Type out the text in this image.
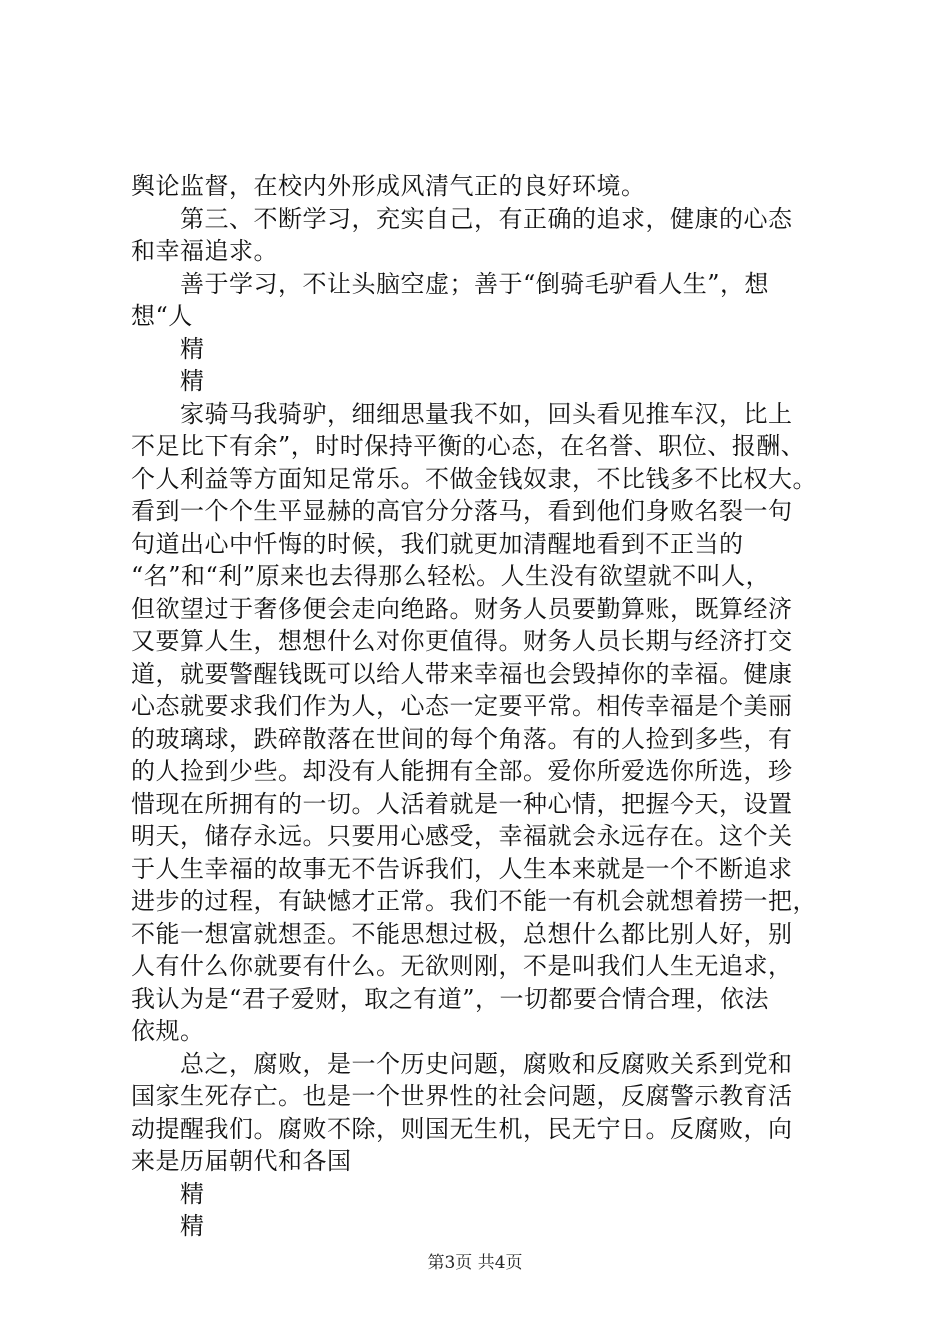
舆论监督，在校内外形成风清气正的良好环境。
　　第三、不断学习，充实自己，有正确的追求，健康的心态
和幸福追求。
　　善于学习，不让头脑空虚；善于“倒骑毛驴看人生”，想
想“人
　　精
　　精
　　家骑马我骑驴，细细思量我不如，回头看见推车汉，比上
不足比下有余”，时时保持平衡的心态，在名誉、职位、报酬、
个人利益等方面知足常乐。不做金钱奴隶，不比钱多不比权大。
看到一个个生平显赫的高官分分落马，看到他们身败名裂一句
句道出心中忏悔的时候，我们就更加清醒地看到不正当的
“名”和“利”原来也去得那么轻松。人生没有欲望就不叫人，
但欲望过于奢侈便会走向绝路。财务人员要勤算账，既算经济
又要算人生，想想什么对你更值得。财务人员长期与经济打交
道，就要警醒钱既可以给人带来幸福也会毁掉你的幸福。健康
心态就要求我们作为人，心态一定要平常。相传幸福是个美丽
的玻璃球，跌碎散落在世间的每个角落。有的人捡到多些，有
的人捡到少些。却没有人能拥有全部。爱你所爱选你所选，珍
惜现在所拥有的一切。人活着就是一种心情，把握今天，设置
明天，储存永远。只要用心感受，幸福就会永远存在。这个关
于人生幸福的故事无不告诉我们，人生本来就是一个不断追求
进步的过程，有缺憾才正常。我们不能一有机会就想着捞一把，
不能一想富就想歪。不能思想过极，总想什么都比别人好，别
人有什么你就要有什么。无欲则刚，不是叫我们人生无追求，
我认为是“君子爱财，取之有道”，一切都要合情合理，依法
依规。
　　总之，腐败，是一个历史问题，腐败和反腐败关系到党和
国家生死存亡。也是一个世界性的社会问题，反腐警示教育活
动提醒我们。腐败不除，则国无生机，民无宁日。反腐败，向
来是历届朝代和各国
　　精
　　精
第3页 共4页
